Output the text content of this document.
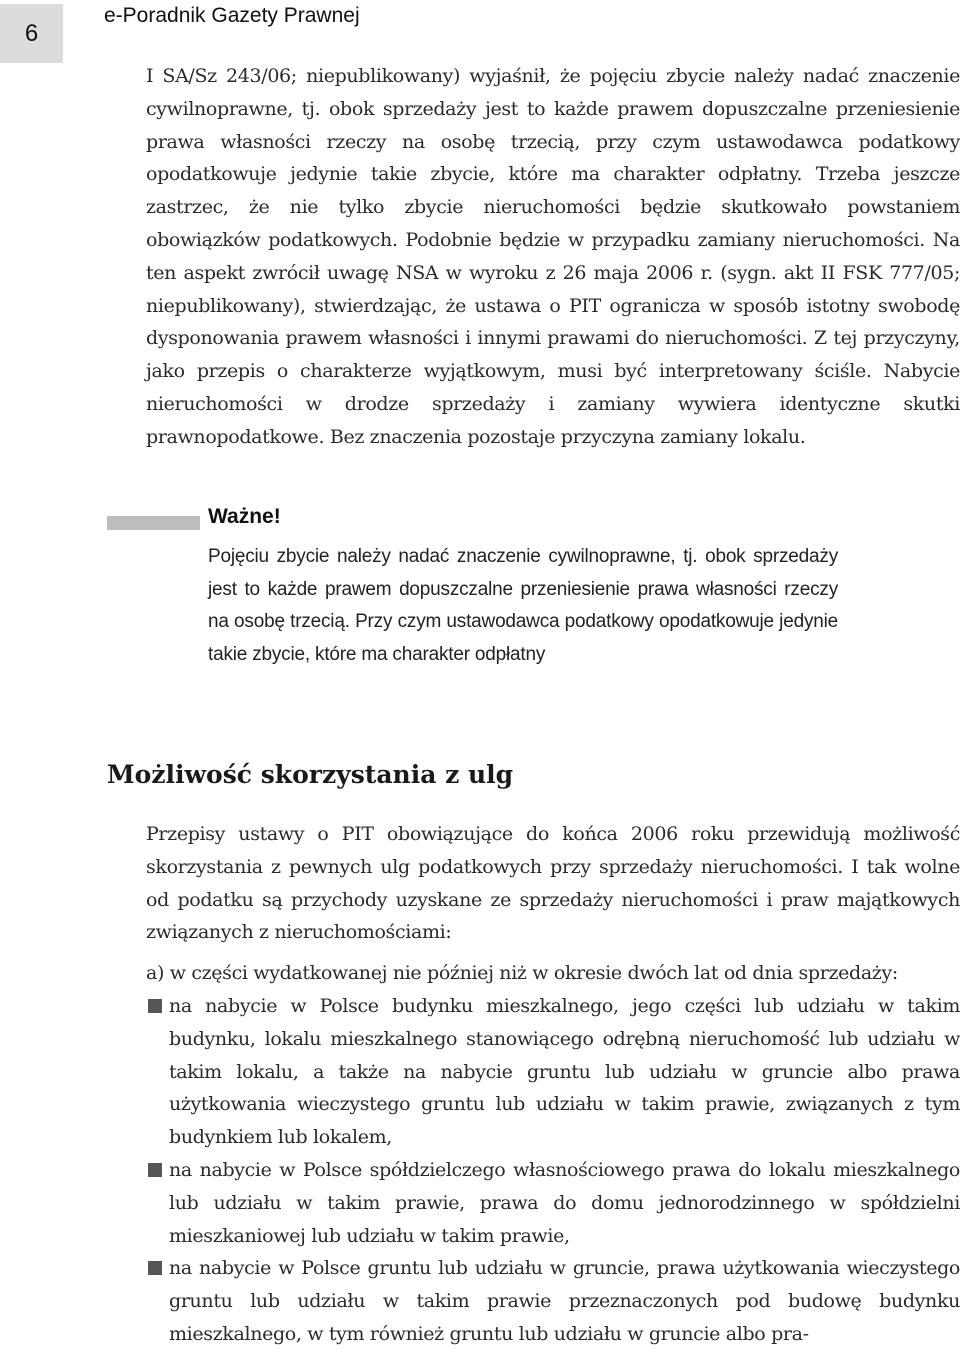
6
e-Poradnik Gazety Prawnej

I SA/Sz 243/06; niepublikowany) wyjaśnił, że pojęciu zbycie należy nadać znaczenie cywilnoprawne, tj. obok sprzedaży jest to każde prawem dopuszczalne przeniesienie prawa własności rzeczy na osobę trzecią, przy czym ustawodawca podatkowy opodatkowuje jedynie takie zbycie, które ma charakter odpłatny. Trzeba jeszcze zastrzec, że nie tylko zbycie nieruchomości będzie skutkowało powstaniem obowiązków podatkowych. Podobnie będzie w przypadku zamiany nieruchomości. Na ten aspekt zwrócił uwagę NSA w wyroku z 26 maja 2006 r. (sygn. akt II FSK 777/05; niepublikowany), stwierdzając, że ustawa o PIT ogranicza w sposób istotny swobodę dysponowania prawem własności i innymi prawami do nieruchomości. Z tej przyczyny, jako przepis o charakterze wyjątkowym, musi być interpretowany ściśle. Nabycie nieruchomości w drodze sprzedaży i zamiany wywiera identyczne skutki prawnopodatkowe. Bez znaczenia pozostaje przyczyna zamiany lokalu.

Ważne!

Pojęciu zbycie należy nadać znaczenie cywilnoprawne, tj. obok sprzedaży jest to każde prawem dopuszczalne przeniesienie prawa własności rzeczy na osobę trzecią. Przy czym ustawodawca podatkowy opodatkowuje jedynie takie zbycie, które ma charakter odpłatny

Możliwość skorzystania z ulg

Przepisy ustawy o PIT obowiązujące do końca 2006 roku przewidują możliwość skorzystania z pewnych ulg podatkowych przy sprzedaży nieruchomości. I tak wolne od podatku są przychody uzyskane ze sprzedaży nieruchomości i praw majątkowych związanych z nieruchomościami:

a) w części wydatkowanej nie później niż w okresie dwóch lat od dnia sprzedaży:

na nabycie w Polsce budynku mieszkalnego, jego części lub udziału w takim budynku, lokalu mieszkalnego stanowiącego odrębną nieruchomość lub udziału w takim lokalu, a także na nabycie gruntu lub udziału w gruncie albo prawa użytkowania wieczystego gruntu lub udziału w takim prawie, związanych z tym budynkiem lub lokalem,
na nabycie w Polsce spółdzielczego własnościowego prawa do lokalu mieszkalnego lub udziału w takim prawie, prawa do domu jednorodzinnego w spółdzielni mieszkaniowej lub udziału w takim prawie,
na nabycie w Polsce gruntu lub udziału w gruncie, prawa użytkowania wieczystego gruntu lub udziału w takim prawie przeznaczonych pod budowę budynku mieszkalnego, w tym również gruntu lub udziału w gruncie albo pra-
